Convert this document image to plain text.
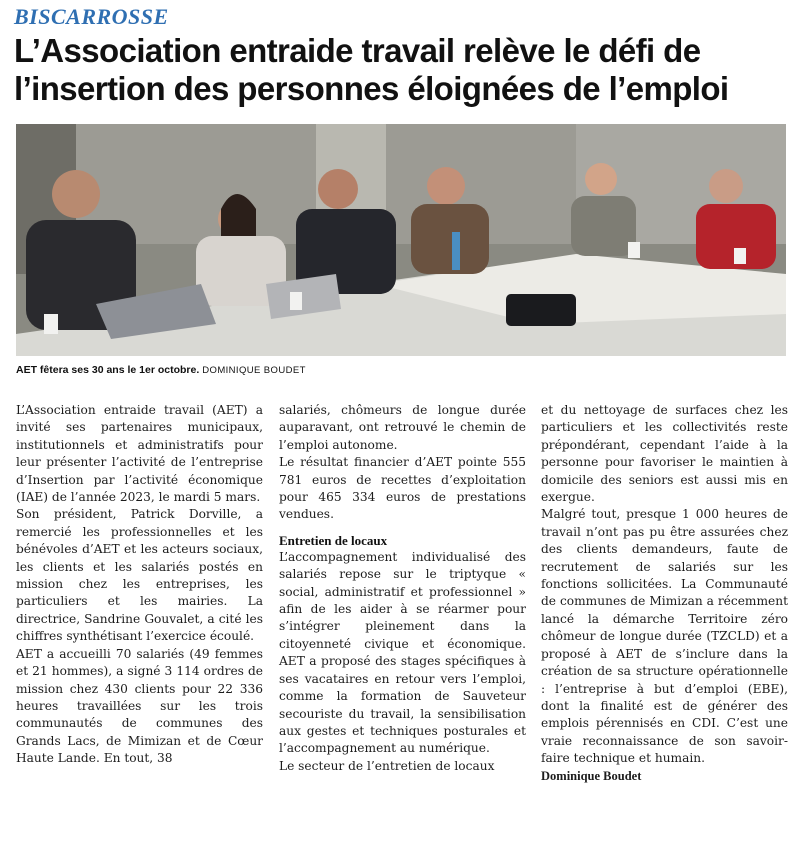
BISCARROSSE
L’Association entraide travail relève le défi de l’insertion des personnes éloignées de l’emploi
AET fêtera ses 30 ans le 1er octobre. DOMINIQUE BOUDET

L’Association entraide travail (AET) a invité ses partenaires municipaux, institutionnels et administratifs pour leur présenter l’activité de l’entreprise d’Insertion par l’activité économique (IAE) de l’année 2023, le mardi 5 mars.

Son président, Patrick Dorville, a remercié les professionnelles et les bénévoles d’AET et les acteurs sociaux, les clients et les salariés postés en mission chez les entreprises, les particuliers et les mairies. La directrice, Sandrine Gouvalet, a cité les chiffres synthétisant l’exercice écoulé.

AET a accueilli 70 salariés (49 femmes et 21 hommes), a signé 3 114 ordres de mission chez 430 clients pour 22 336 heures travaillées sur les trois communautés de communes des Grands Lacs, de Mimizan et de Cœur Haute Lande. En tout, 38

salariés, chômeurs de longue durée auparavant, ont retrouvé le chemin de l’emploi autonome.

Le résultat financier d’AET pointe 555 781 euros de recettes d’exploitation pour 465 334 euros de prestations vendues.

Entretien de locaux

L’accompagnement individualisé des salariés repose sur le triptyque « social, administratif et professionnel » afin de les aider à se réarmer pour s’intégrer pleinement dans la citoyenneté civique et économique. AET a proposé des stages spécifiques à ses vacataires en retour vers l’emploi, comme la formation de Sauveteur secouriste du travail, la sensibilisation aux gestes et techniques posturales et l’accompagnement au numérique.

Le secteur de l’entretien de locaux

et du nettoyage de surfaces chez les particuliers et les collectivités reste prépondérant, cependant l’aide à la personne pour favoriser le maintien à domicile des seniors est aussi mis en exergue.

Malgré tout, presque 1 000 heures de travail n’ont pas pu être assurées chez des clients demandeurs, faute de recrutement de salariés sur les fonctions sollicitées. La Communauté de communes de Mimizan a récemment lancé la démarche Territoire zéro chômeur de longue durée (TZCLD) et a proposé à AET de s’inclure dans la création de sa structure opérationnelle : l’entreprise à but d’emploi (EBE), dont la finalité est de générer des emplois pérennisés en CDI. C’est une vraie reconnaissance de son savoir-faire technique et humain.

Dominique Boudet
